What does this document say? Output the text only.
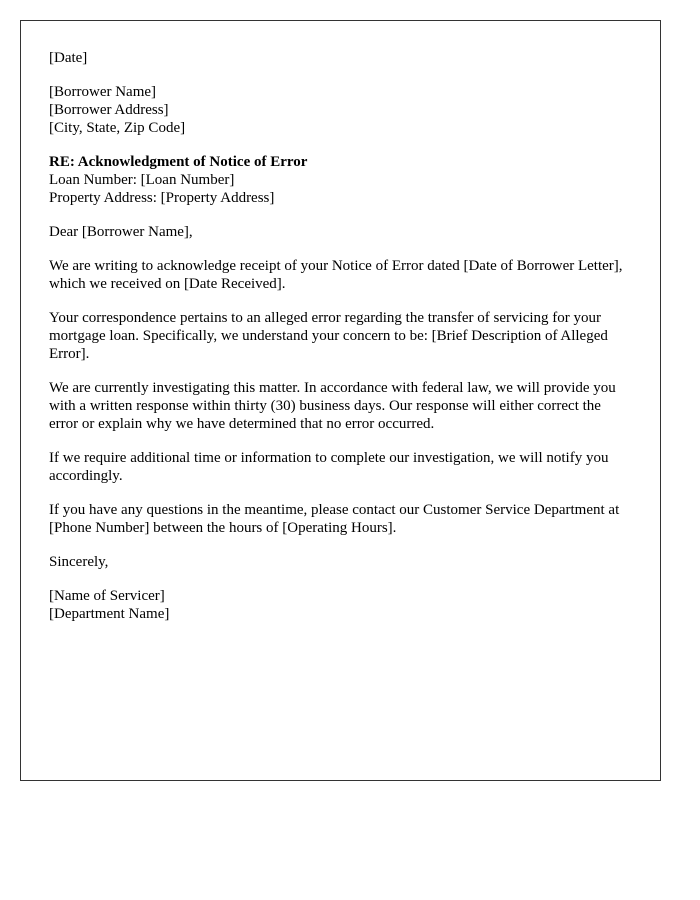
[Date]

[Borrower Name]
[Borrower Address]
[City, State, Zip Code]

RE: Acknowledgment of Notice of Error
Loan Number: [Loan Number]
Property Address: [Property Address]

Dear [Borrower Name],

We are writing to acknowledge receipt of your Notice of Error dated [Date of Borrower Letter], which we received on [Date Received].

Your correspondence pertains to an alleged error regarding the transfer of servicing for your mortgage loan. Specifically, we understand your concern to be: [Brief Description of Alleged Error].

We are currently investigating this matter. In accordance with federal law, we will provide you with a written response within thirty (30) business days. Our response will either correct the error or explain why we have determined that no error occurred.

If we require additional time or information to complete our investigation, we will notify you accordingly.

If you have any questions in the meantime, please contact our Customer Service Department at [Phone Number] between the hours of [Operating Hours].

Sincerely,

[Name of Servicer]
[Department Name]
